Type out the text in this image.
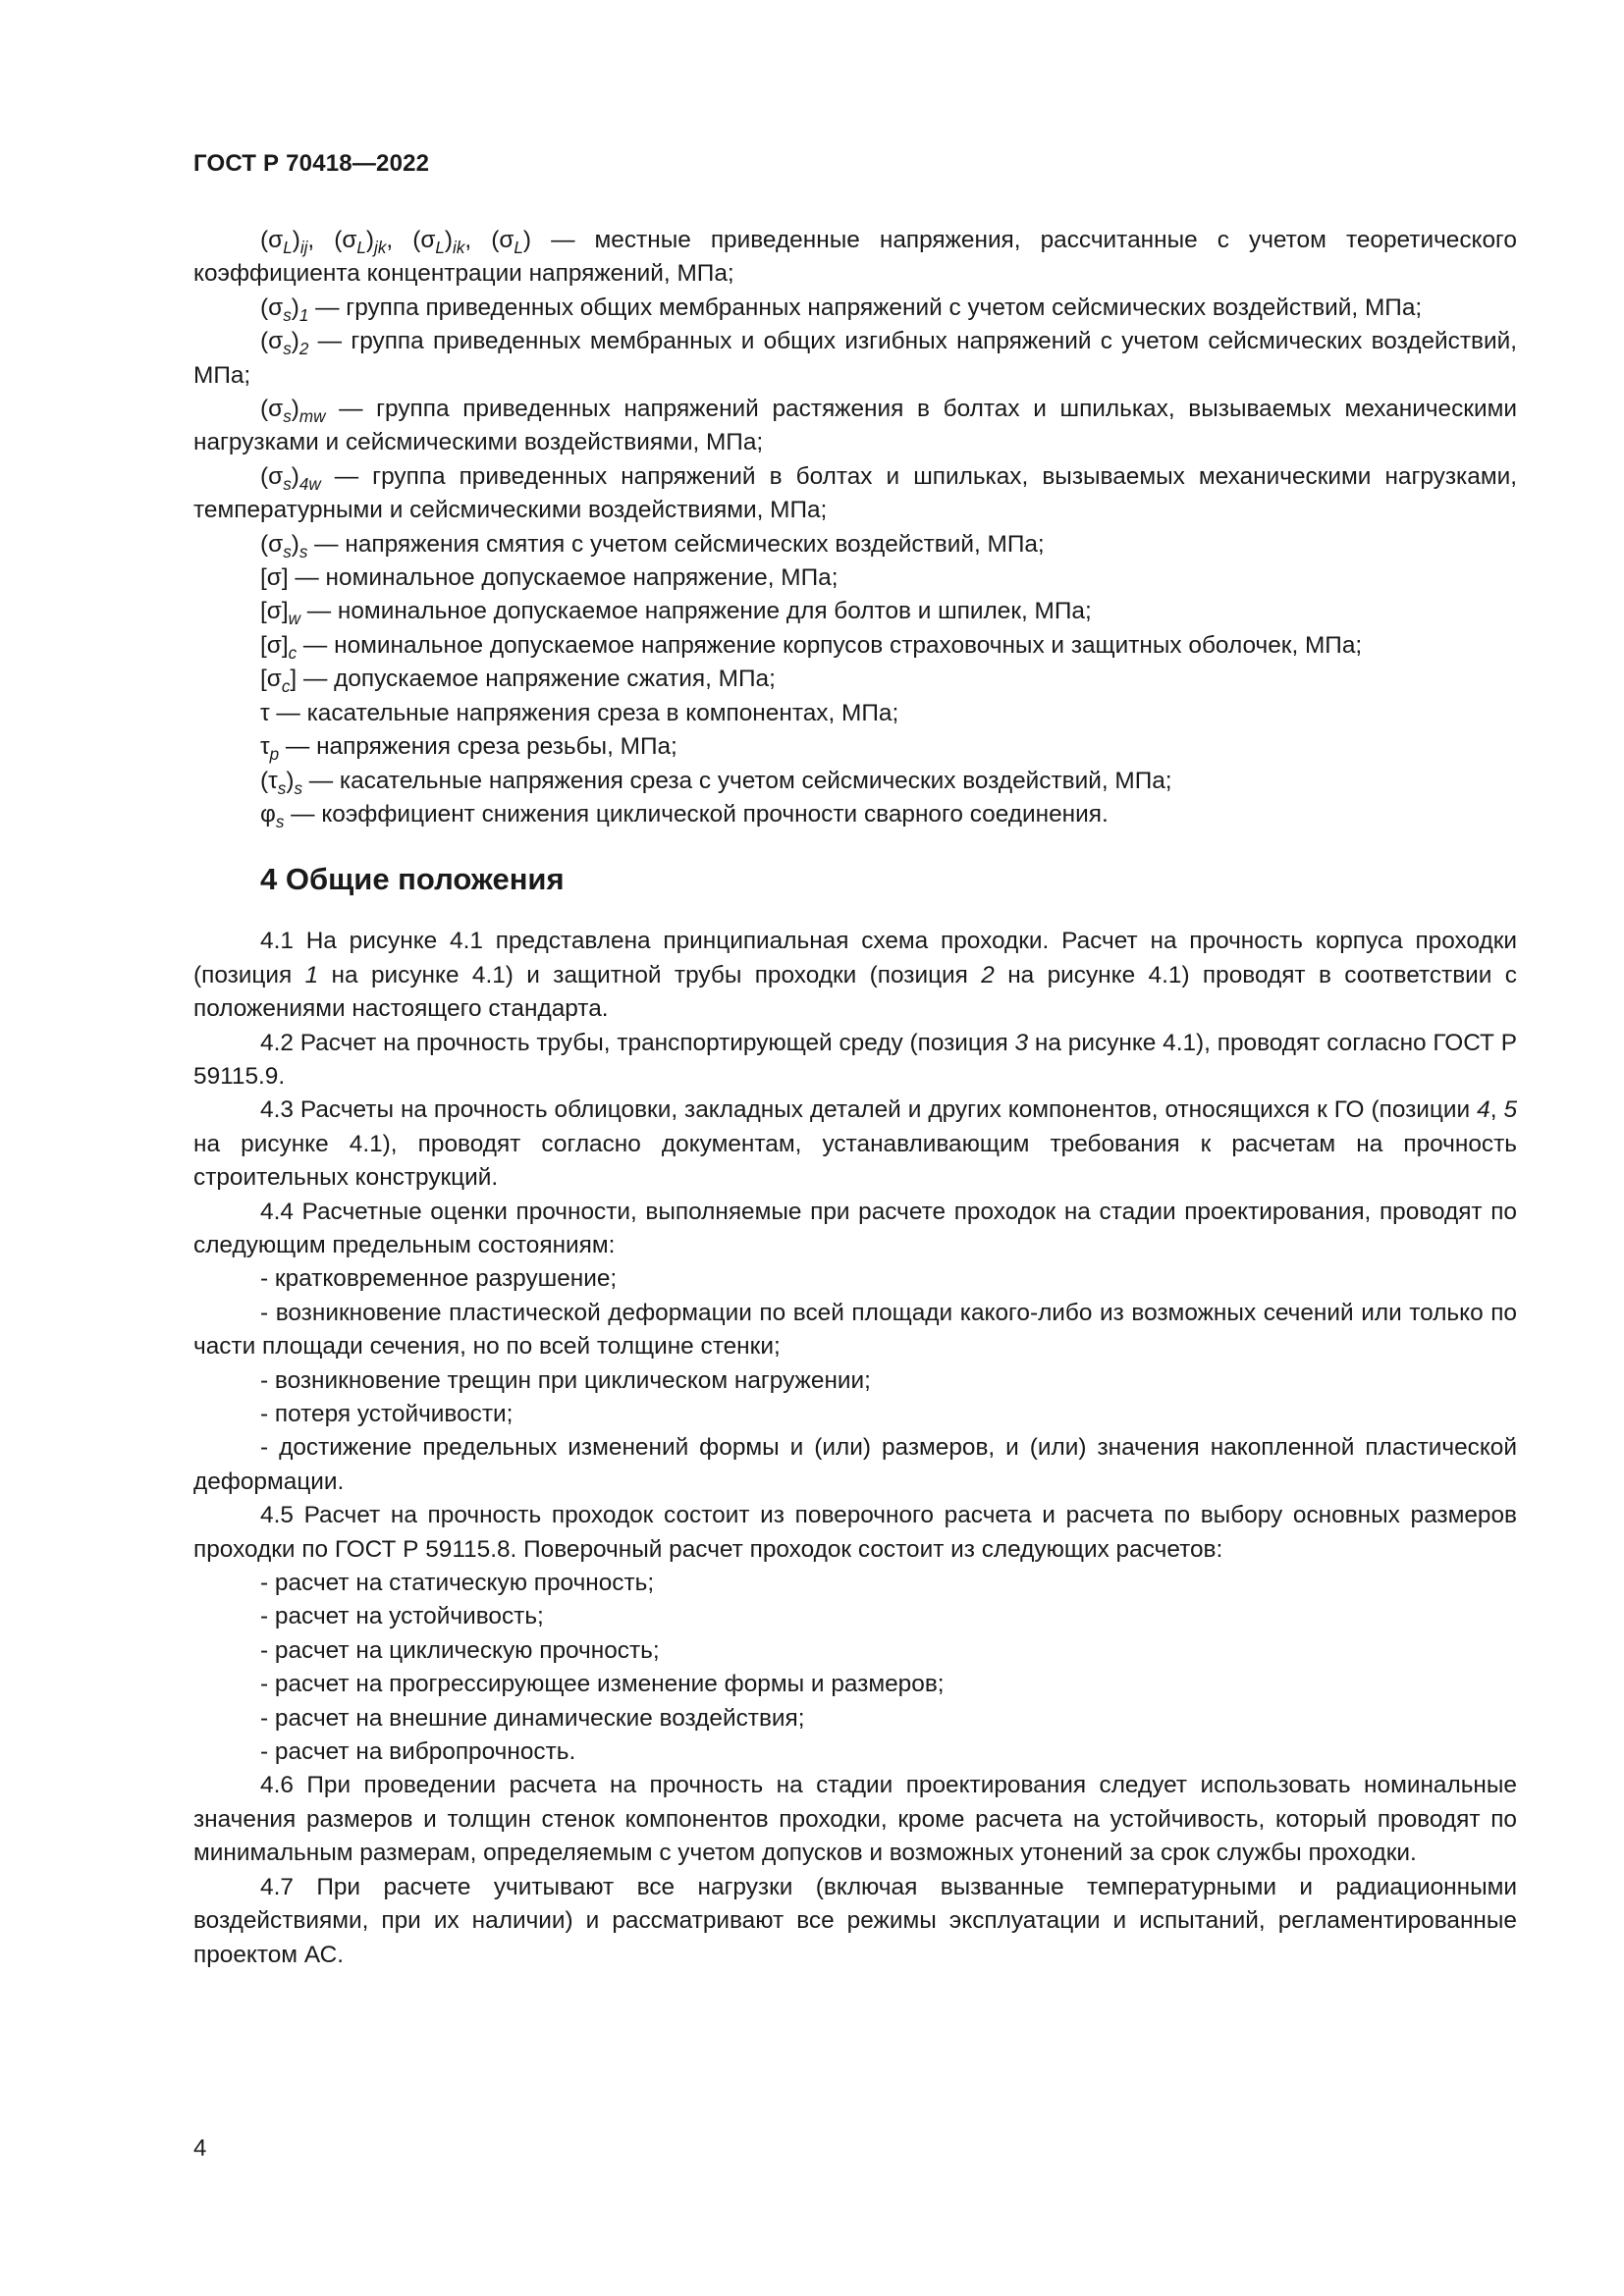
ГОСТ Р 70418—2022

$(\sigma_L)_{ij}$, $(\sigma_L)_{jk}$, $(\sigma_L)_{ik}$, $(\sigma_L)$ — местные приведенные напряжения, рассчитанные с учетом теоретического коэффициента концентрации напряжений, МПа;

$(\sigma_s)_1$ — группа приведенных общих мембранных напряжений с учетом сейсмических воздействий, МПа;

$(\sigma_s)_2$ — группа приведенных мембранных и общих изгибных напряжений с учетом сейсмических воздействий, МПа;

$(\sigma_s)_{mw}$ — группа приведенных напряжений растяжения в болтах и шпильках, вызываемых механическими нагрузками и сейсмическими воздействиями, МПа;

$(\sigma_s)_{4w}$ — группа приведенных напряжений в болтах и шпильках, вызываемых механическими нагрузками, температурными и сейсмическими воздействиями, МПа;

$(\sigma_s)_s$ — напряжения смятия с учетом сейсмических воздействий, МПа;

[σ] — номинальное допускаемое напряжение, МПа;

$[\sigma]_w$ — номинальное допускаемое напряжение для болтов и шпилек, МПа;

$[\sigma]_c$ — номинальное допускаемое напряжение корпусов страховочных и защитных оболочек, МПа;

$[\sigma_c]$ — допускаемое напряжение сжатия, МПа;

τ — касательные напряжения среза в компонентах, МПа;

$\tau_p$ — напряжения среза резьбы, МПа;

$(\tau_s)_s$ — касательные напряжения среза с учетом сейсмических воздействий, МПа;

$\varphi_s$ — коэффициент снижения циклической прочности сварного соединения.

4 Общие положения

4.1 На рисунке 4.1 представлена принципиальная схема проходки. Расчет на прочность корпуса проходки (позиция 1 на рисунке 4.1) и защитной трубы проходки (позиция 2 на рисунке 4.1) проводят в соответствии с положениями настоящего стандарта.

4.2 Расчет на прочность трубы, транспортирующей среду (позиция 3 на рисунке 4.1), проводят согласно ГОСТ Р 59115.9.

4.3 Расчеты на прочность облицовки, закладных деталей и других компонентов, относящихся к ГО (позиции 4, 5 на рисунке 4.1), проводят согласно документам, устанавливающим требования к расчетам на прочность строительных конструкций.

4.4 Расчетные оценки прочности, выполняемые при расчете проходок на стадии проектирования, проводят по следующим предельным состояниям:

- кратковременное разрушение;

- возникновение пластической деформации по всей площади какого-либо из возможных сечений или только по части площади сечения, но по всей толщине стенки;

- возникновение трещин при циклическом нагружении;

- потеря устойчивости;

- достижение предельных изменений формы и (или) размеров, и (или) значения накопленной пластической деформации.

4.5 Расчет на прочность проходок состоит из поверочного расчета и расчета по выбору основных размеров проходки по ГОСТ Р 59115.8. Поверочный расчет проходок состоит из следующих расчетов:

- расчет на статическую прочность;

- расчет на устойчивость;

- расчет на циклическую прочность;

- расчет на прогрессирующее изменение формы и размеров;

- расчет на внешние динамические воздействия;

- расчет на вибропрочность.

4.6 При проведении расчета на прочность на стадии проектирования следует использовать номинальные значения размеров и толщин стенок компонентов проходки, кроме расчета на устойчивость, который проводят по минимальным размерам, определяемым с учетом допусков и возможных утонений за срок службы проходки.

4.7 При расчете учитывают все нагрузки (включая вызванные температурными и радиационными воздействиями, при их наличии) и рассматривают все режимы эксплуатации и испытаний, регламентированные проектом АС.

4
